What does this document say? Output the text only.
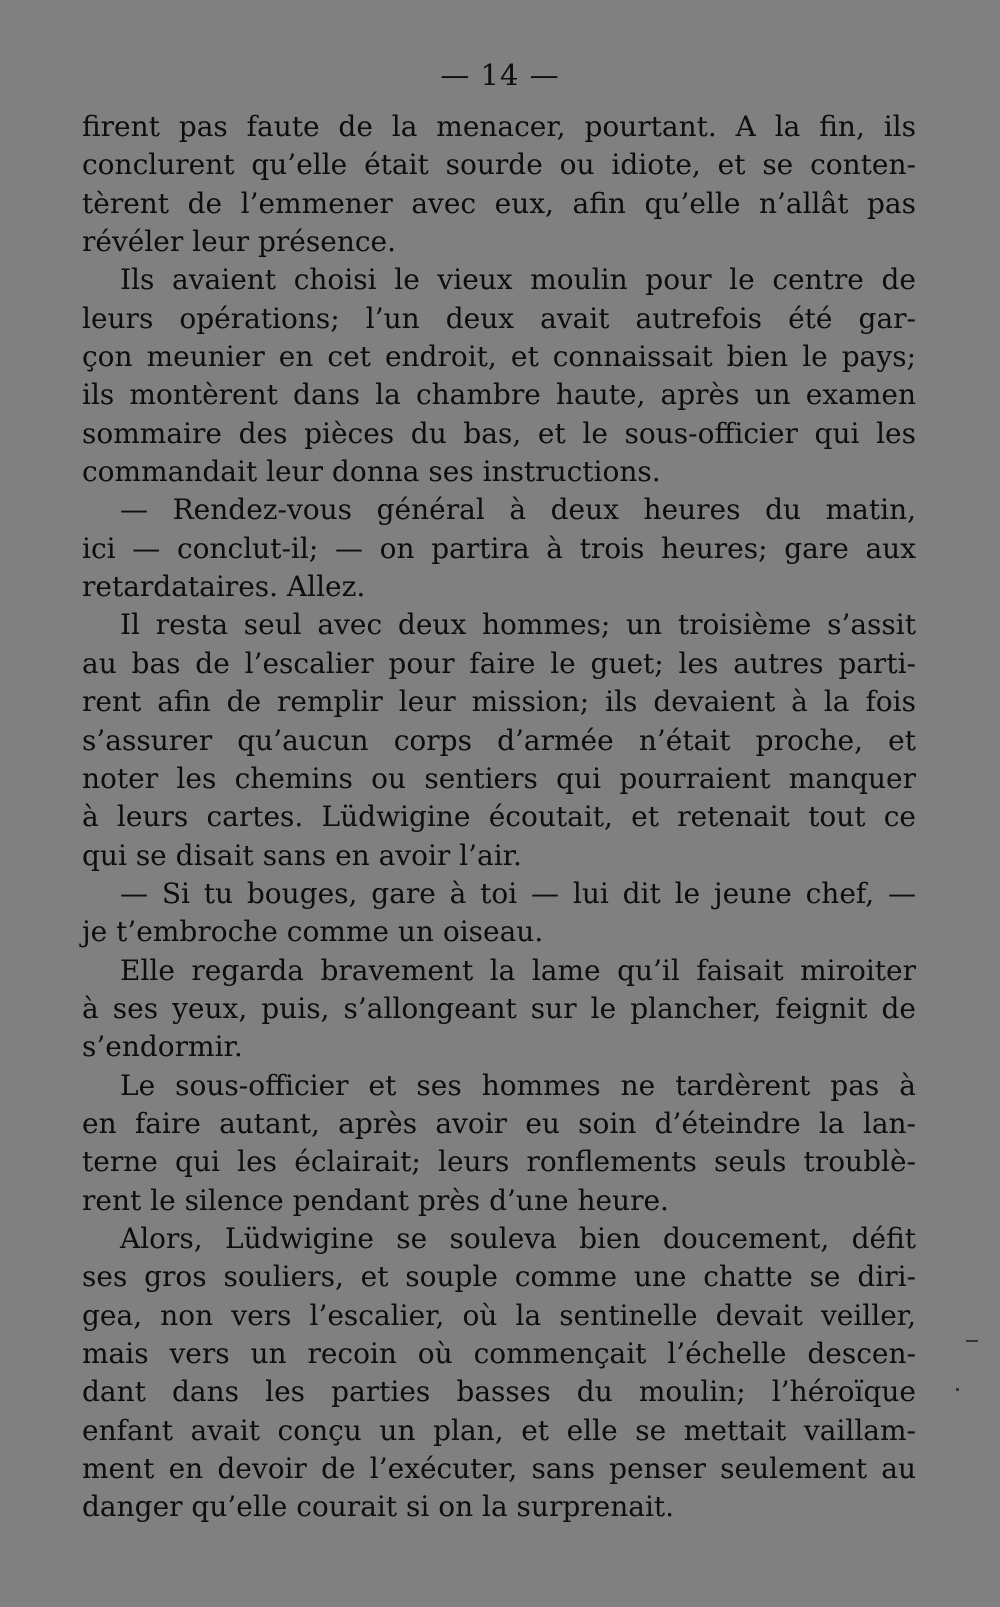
— 14 —
firent pas faute de la menacer, pourtant. A la fin, ils
conclurent qu’elle était sourde ou idiote, et se conten-
tèrent de l’emmener avec eux, afin qu’elle n’allât pas
révéler leur présence.
Ils avaient choisi le vieux moulin pour le centre de
leurs opérations; l’un deux avait autrefois été gar-
çon meunier en cet endroit, et connaissait bien le pays;
ils montèrent dans la chambre haute, après un examen
sommaire des pièces du bas, et le sous-officier qui les
commandait leur donna ses instructions.
— Rendez-vous général à deux heures du matin,
ici — conclut-il; — on partira à trois heures; gare aux
retardataires. Allez.
Il resta seul avec deux hommes; un troisième s’assit
au bas de l’escalier pour faire le guet; les autres parti-
rent afin de remplir leur mission; ils devaient à la fois
s’assurer qu’aucun corps d’armée n’était proche, et
noter les chemins ou sentiers qui pourraient manquer
à leurs cartes. Lüdwigine écoutait, et retenait tout ce
qui se disait sans en avoir l’air.
— Si tu bouges, gare à toi — lui dit le jeune chef, —
je t’embroche comme un oiseau.
Elle regarda bravement la lame qu’il faisait miroiter
à ses yeux, puis, s’allongeant sur le plancher, feignit de
s’endormir.
Le sous-officier et ses hommes ne tardèrent pas à
en faire autant, après avoir eu soin d’éteindre la lan-
terne qui les éclairait; leurs ronflements seuls troublè-
rent le silence pendant près d’une heure.
Alors, Lüdwigine se souleva bien doucement, défit
ses gros souliers, et souple comme une chatte se diri-
gea, non vers l’escalier, où la sentinelle devait veiller,
mais vers un recoin où commençait l’échelle descen-
dant dans les parties basses du moulin; l’héroïque
enfant avait conçu un plan, et elle se mettait vaillam-
ment en devoir de l’exécuter, sans penser seulement au
danger qu’elle courait si on la surprenait.
